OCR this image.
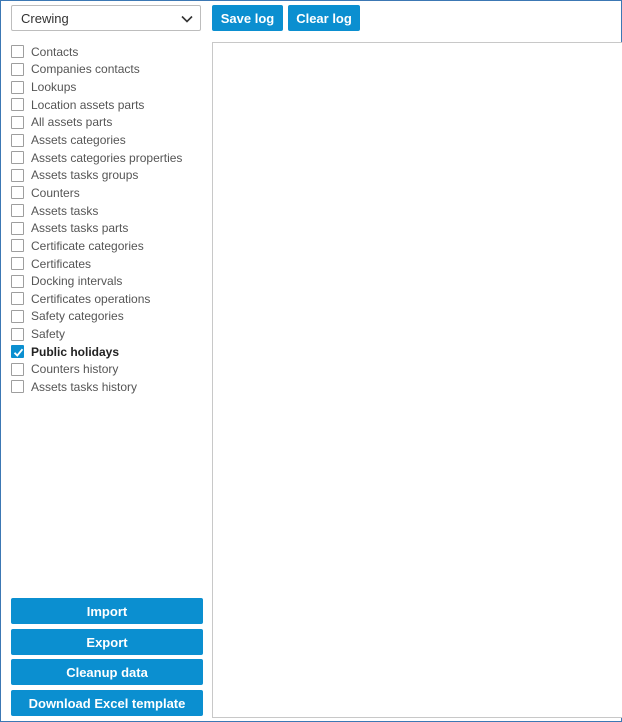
Crewing	Save log	Clear log
Contacts
Companies contacts
Lookups
Location assets parts
All assets parts
Assets categories
Assets categories properties
Assets tasks groups
Counters
Assets tasks
Assets tasks parts
Certificate categories
Certificates
Docking intervals
Certificates operations
Safety categories
Safety
Public holidays
Counters history
Assets tasks history
Import
Export
Cleanup data
Download Excel template
